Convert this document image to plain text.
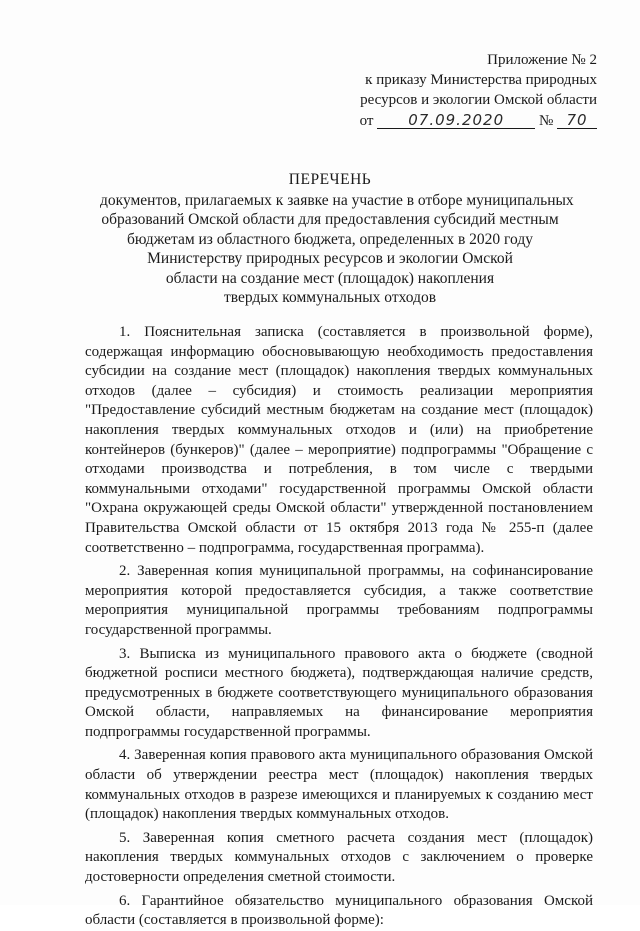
Приложение № 2
к приказу Министерства природных
ресурсов и экологии Омской области
от 07.09.2020 № 70
ПЕРЕЧЕНЬ
документов, прилагаемых к заявке на участие в отборе муниципальных
образований Омской области для предоставления субсидий местным
бюджетам из областного бюджета, определенных в 2020 году
Министерству природных ресурсов и экологии Омской
области на создание мест (площадок) накопления
твердых коммунальных отходов

1. Пояснительная записка (составляется в произвольной форме), содержащая информацию обосновывающую необходимость предоставления субсидии на создание мест (площадок) накопления твердых коммунальных отходов (далее – субсидия) и стоимость реализации мероприятия "Предоставление субсидий местным бюджетам на создание мест (площадок) накопления твердых коммунальных отходов и (или) на приобретение контейнеров (бункеров)" (далее – мероприятие) подпрограммы "Обращение с отходами производства и потребления, в том числе с твердыми коммунальными отходами" государственной программы Омской области "Охрана окружающей среды Омской области" утвержденной постановлением Правительства Омской области от 15 октября 2013 года № 255-п (далее соответственно – подпрограмма, государственная программа).

2. Заверенная копия муниципальной программы, на софинансирование мероприятия которой предоставляется субсидия, а также соответствие мероприятия муниципальной программы требованиям подпрограммы государственной программы.

3. Выписка из муниципального правового акта о бюджете (сводной бюджетной росписи местного бюджета), подтверждающая наличие средств, предусмотренных в бюджете соответствующего муниципального образования Омской области, направляемых на финансирование мероприятия подпрограммы государственной программы.

4. Заверенная копия правового акта муниципального образования Омской области об утверждении реестра мест (площадок) накопления твердых коммунальных отходов в разрезе имеющихся и планируемых к созданию мест (площадок) накопления твердых коммунальных отходов.

5. Заверенная копия сметного расчета создания мест (площадок) накопления твердых коммунальных отходов с заключением о проверке достоверности определения сметной стоимости.

6. Гарантийное обязательство муниципального образования Омской области (составляется в произвольной форме):
